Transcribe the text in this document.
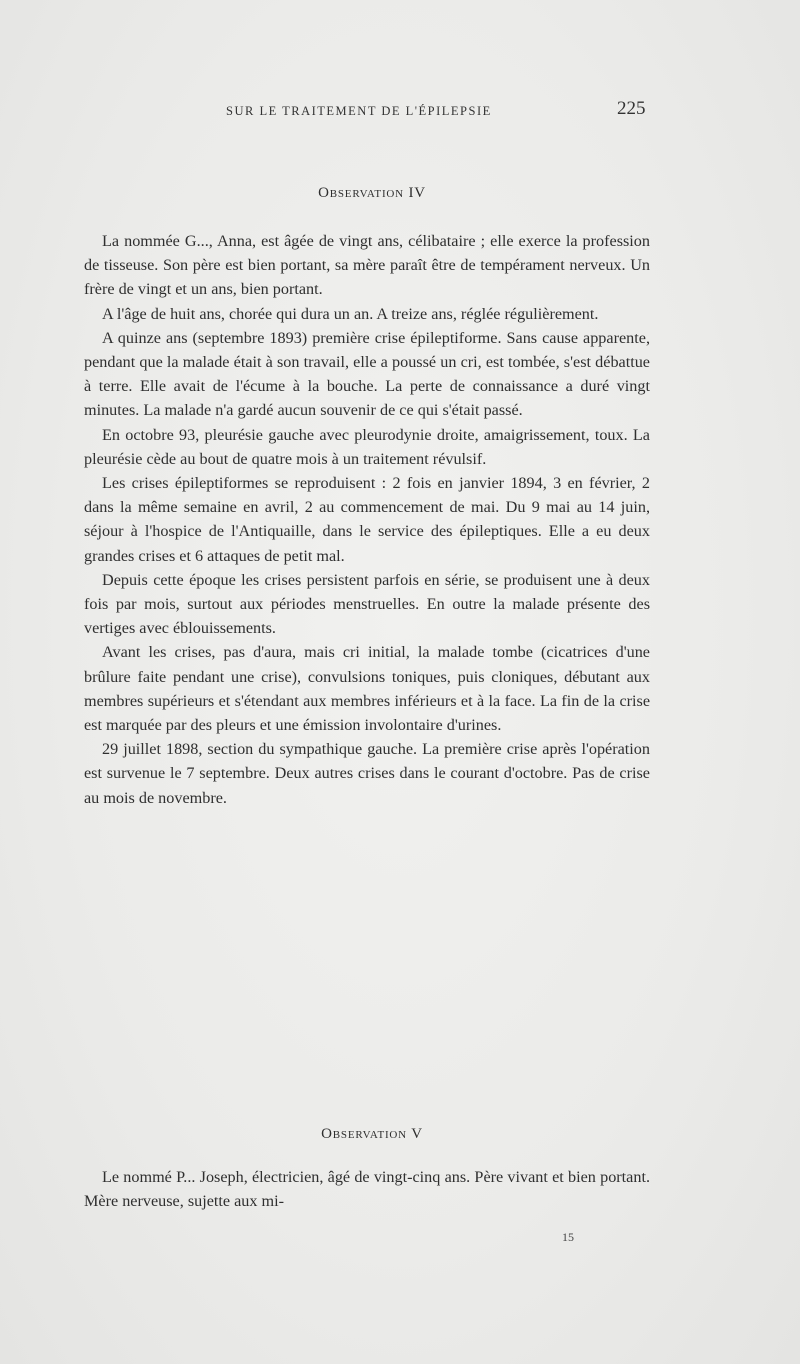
SUR LE TRAITEMENT DE L'ÉPILEPSIE	225
Observation IV

La nommée G..., Anna, est âgée de vingt ans, célibataire ; elle exerce la profession de tisseuse. Son père est bien portant, sa mère paraît être de tempérament nerveux. Un frère de vingt et un ans, bien portant.

A l'âge de huit ans, chorée qui dura un an. A treize ans, réglée régulièrement.

A quinze ans (septembre 1893) première crise épileptiforme. Sans cause apparente, pendant que la malade était à son travail, elle a poussé un cri, est tombée, s'est débattue à terre. Elle avait de l'écume à la bouche. La perte de connaissance a duré vingt minutes. La malade n'a gardé aucun souvenir de ce qui s'était passé.

En octobre 93, pleurésie gauche avec pleurodynie droite, amaigrissement, toux. La pleurésie cède au bout de quatre mois à un traitement révulsif.

Les crises épileptiformes se reproduisent : 2 fois en janvier 1894, 3 en février, 2 dans la même semaine en avril, 2 au commencement de mai. Du 9 mai au 14 juin, séjour à l'hospice de l'Antiquaille, dans le service des épileptiques. Elle a eu deux grandes crises et 6 attaques de petit mal.

Depuis cette époque les crises persistent parfois en série, se produisent une à deux fois par mois, surtout aux périodes menstruelles. En outre la malade présente des vertiges avec éblouissements.

Avant les crises, pas d'aura, mais cri initial, la malade tombe (cicatrices d'une brûlure faite pendant une crise), convulsions toniques, puis cloniques, débutant aux membres supérieurs et s'étendant aux membres inférieurs et à la face. La fin de la crise est marquée par des pleurs et une émission involontaire d'urines.

29 juillet 1898, section du sympathique gauche. La première crise après l'opération est survenue le 7 septembre. Deux autres crises dans le courant d'octobre. Pas de crise au mois de novembre.

Observation V

Le nommé P... Joseph, électricien, âgé de vingt-cinq ans. Père vivant et bien portant. Mère nerveuse, sujette aux mi-

15
